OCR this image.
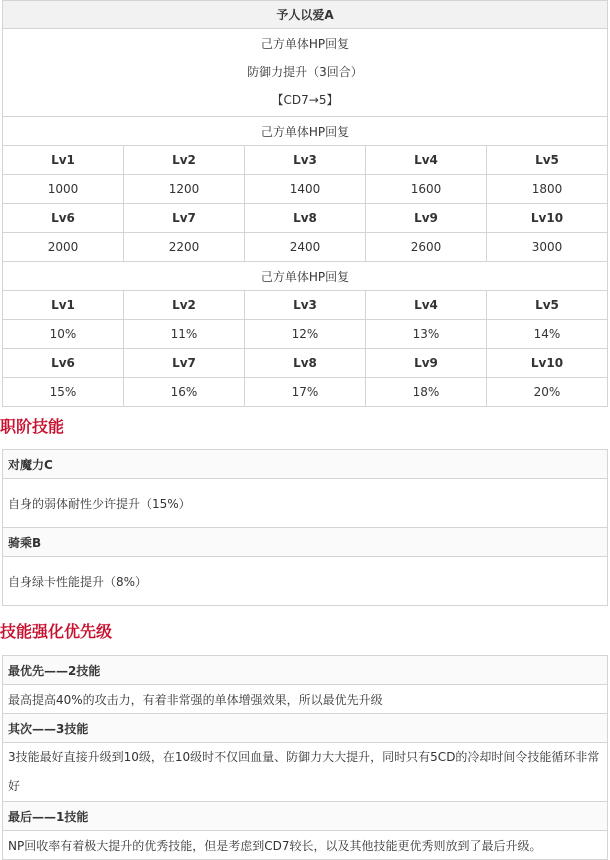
予人以爱A				

己方单体HP回复
防御力提升（3回合）
【CD7→5】				

己方单体HP回复				
Lv1	Lv2	Lv3	Lv4	Lv5
1000	1200	1400	1600	1800
Lv6	Lv7	Lv8	Lv9	Lv10
2000	2200	2400	2600	3000
己方单体HP回复				
Lv1	Lv2	Lv3	Lv4	Lv5
10%	11%	12%	13%	14%
Lv6	Lv7	Lv8	Lv9	Lv10
15%	16%	17%	18%	20%
职阶技能
对魔力C
自身的弱体耐性少许提升（15%）
骑乘B
自身绿卡性能提升（8%）
技能强化优先级
最优先——2技能
最高提高40%的攻击力，有着非常强的单体增强效果，所以最优先升级
其次——3技能
3技能最好直接升级到10级，在10级时不仅回血量、防御力大大提升，同时只有5CD的冷却时间令技能循环非常好
最后——1技能
NP回收率有着极大提升的优秀技能，但是考虑到CD7较长，以及其他技能更优秀则放到了最后升级。
